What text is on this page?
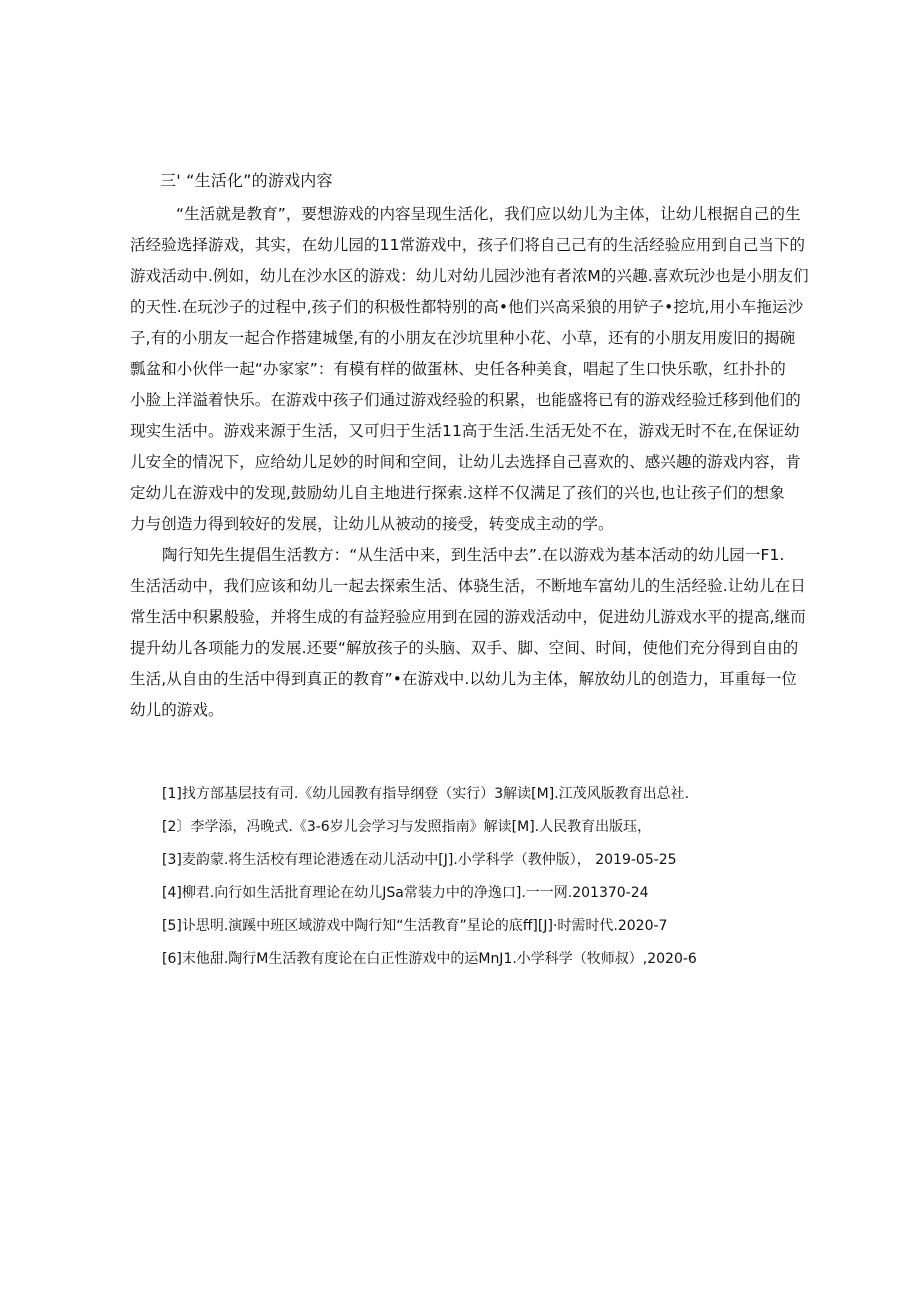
三' “生活化”的游戏内容
“生活就是教育”，要想游戏的内容呈现生活化，我们应以幼儿为主体，让幼儿根据自己的生
活经验选择游戏，其实，在幼儿园的11常游戏中，孩子们将自己己有的生活经验应用到自己当下的
游戏活动中.例如，幼儿在沙水区的游戏：幼儿对幼儿园沙池有者浓M的兴趣.喜欢玩沙也是小朋友们
的天性.在玩沙子的过程中,孩子们的积极性都特别的高•他们兴高采狼的用铲子•挖坑,用小车拖运沙
子,有的小朋友一起合作搭建城堡,有的小朋友在沙坑里种小花、小草，还有的小朋友用废旧的揭碗
瓢盆和小伙伴一起“办家家”：有模有样的做蛋林、史任各种美食，唱起了生口快乐歌，红扑扑的
小脸上洋溢着快乐。在游戏中孩子们通过游戏经验的积累，也能盛将已有的游戏经验迁移到他们的
现实生活中。游戏来源于生活，又可归于生活11高于生活.生活无处不在，游戏无时不在,在保证幼
儿安全的情况下，应给幼儿足妙的时间和空间，让幼儿去选择自己喜欢的、感兴趣的游戏内容，肯
定幼儿在游戏中的发现,鼓励幼儿自主地进行探索.这样不仅满足了孩们的兴也,也让孩子们的想象
力与创造力得到较好的发展，让幼儿从被动的接受，转变成主动的学。
陶行知先生提倡生活教方：“从生活中来，到生活中去”.在以游戏为基本活动的幼儿园一F1.
生活活动中，我们应该和幼儿一起去探索生活、体骁生活，不断地车富幼儿的生活经验.让幼儿在日
常生活中积累般验，并将生成的有益羟验应用到在园的游戏活动中，促进幼儿游戏水平的提高,继而
提升幼儿各项能力的发展.还要“解放孩子的头脑、双手、脚、空间、时间，使他们充分得到自由的
生活,从自由的生活中得到真正的教育”•在游戏中.以幼儿为主体，解放幼儿的创造力，耳重每一位
幼儿的游戏。
[1]找方部基层技有司.《幼儿园教有指导纲登（实行）3解读[M].江茂风版教育出总社.
[2〕李学添，冯晚式.《3-6岁儿会学习与发照指南》解读[M].人民教育出版珏，
[3]麦韵蒙.将生活校有理论港透在动儿活动中[J].小学科学（教仲版）， 2019-05-25
[4]柳君.向行如生活批育理论在幼儿JSa常装力中的净逸口].一一网.201370-24
[5]讣思明.演蹊中班区域游戏中陶行知“生活教育”星论的底ff][J]·时需时代.2020-7
[6]末他甜.陶行M生活教有度论在白正性游戏中的运MnJ1.小学科学（牧师叔）,2020-6
